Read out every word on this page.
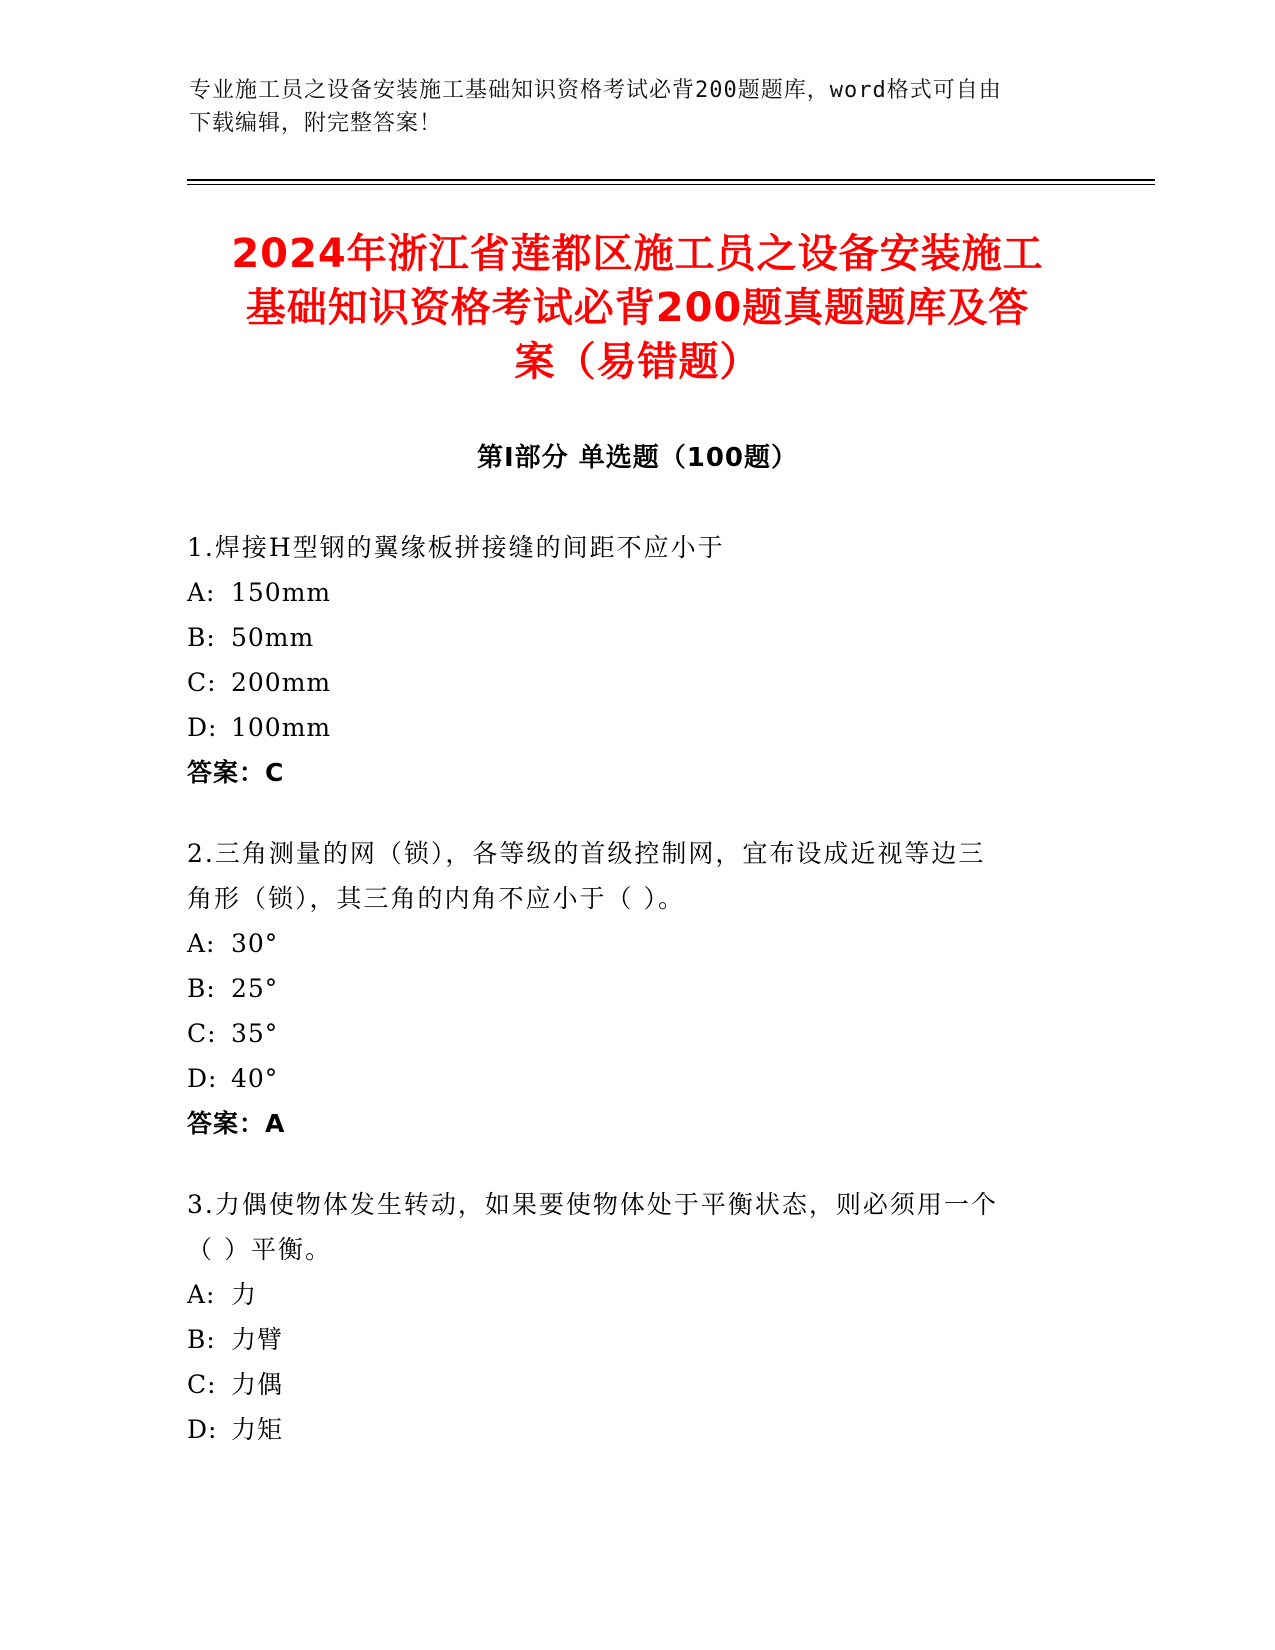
专业施工员之设备安装施工基础知识资格考试必背200题题库，word格式可自由
下载编辑，附完整答案！
2024年浙江省莲都区施工员之设备安装施工
基础知识资格考试必背200题真题题库及答
案（易错题）
第I部分 单选题（100题）

1.焊接H型钢的翼缘板拼接缝的间距不应小于

A: 150mm

B: 50mm

C: 200mm

D: 100mm

答案：C

2.三角测量的网（锁），各等级的首级控制网，宜布设成近视等边三

角形（锁），其三角的内角不应小于（ ）。

A: 30°

B: 25°

C: 35°

D: 40°

答案：A

3.力偶使物体发生转动，如果要使物体处于平衡状态，则必须用一个

（ ）平衡。

A: 力

B: 力臂

C: 力偶

D: 力矩
